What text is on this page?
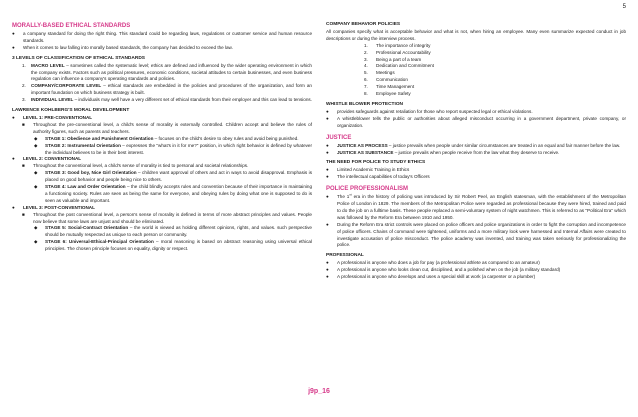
5
MORALLY-BASED ETHICAL STANDARDS
●	a company standard for doing the right thing. This standard could be regarding laws, regulations or customer service and human resource standards.
●	When it comes to law falling into morally based standards, the company has decided to exceed the law.
3 LEVELS OF CLASSIFICATION OF ETHICAL STANDARDS
1.	MACRO LEVEL – sometimes called the systematic level; ethics are defined and influenced by the wider operating environment in which the company exists. Factors such as political pressures, economic conditions, societal attitudes to certain businesses, and even business regulation can influence a company's operating standards and policies.
2.	COMPANY/CORPORATE LEVEL – ethical standards are embedded in the policies and procedures of the organization, and form an important foundation on which business strategy is built.
3.	INDIVIDUAL LEVEL – individuals may well have a very different set of ethical standards from their employer and this can lead to tensions.
LAWRENCE KOHLBERG'S MORAL DEVELOPMENT
●	LEVEL 1: PRE-CONVENTIONAL
■	Throughout the pre-conventional level, a child's sense of morality is externally controlled. Children accept and believe the rules of authority figures, such as parents and teachers.
◆	STAGE 1: Obedience and Punishment Orientation – focuses on the child's desire to obey rules and avoid being punished.
◆	STAGE 2: Instrumental Orientation – expresses the "what's in it for me?" position, in which right behavior is defined by whatever the individual believes to be in their best interest.
●	LEVEL 2: CONVENTIONAL
■	Throughout the conventional level, a child's sense of morality is tied to personal and societal relationships.
◆	STAGE 3: Good boy, Nice Girl Orientation – children want approval of others and act in ways to avoid disapproval. Emphasis is placed on good behavior and people being nice to others.
◆	STAGE 4: Law and Order Orientation – the child blindly accepts rules and convention because of their importance in maintaining a functioning society. Rules are seen as being the same for everyone, and obeying rules by doing what one is supposed to do is seen as valuable and important.
●	LEVEL 3: POST-CONVENTIONAL
■	Throughout the post conventional level, a person's sense of morality is defined in terms of more abstract principles and values. People now believe that some laws are unjust and should be eliminated.
◆	STAGE 5: Social-Contract Orientation – the world is viewed as holding different opinions, rights, and values. such perspective should be mutually respected as unique to each person or community.
◆	STAGE 6: Universal-Ethical-Principal Orientation – moral reasoning is based on abstract reasoning using universal ethical principles. The chosen principle focuses on equality, dignity or respect.
COMPANY BEHAVIOR POLICIES

All companies specify what is acceptable behavior and what is not, when hiring an employee. Many even summarize expected conduct in job descriptions or during the interview process.

1.	The importance of integrity
2.	Professional Accountability
3.	Being a part of a team
4.	Dedication and Commitment
5.	Meetings
6.	Communication
7.	Time Management
8.	Employee Safety
WHISTLE BLOWER PROTECTION
●	provides safeguards against retaliation for those who report suspected legal or ethical violations.
●	A whistleblower tells the public or authorities about alleged misconduct occurring in a government department, private company, or organization.
JUSTICE
●	JUSTICE AS PROCESS – justice prevails when people under similar circumstances are treated in an equal and fair manner before the law.
●	JUSTICE AS SUBSTANCE – justice prevails when people receive from the law what they deserve to receive.
THE NEED FOR POLICE TO STUDY ETHICS
●	Limited Academic Training in Ethics
●	The intellectual capabilities of today's Officers
POLICE PROFESSIONALISM
●	The 1st era in the history of policing was introduced by Sir Robert Peel, an English statesman, with the establishment of the Metropolitan Police of London in 1829. The members of the Metropolitan Police were regarded as professional because they were hired, trained and paid to do the job on a fulltime basis. These people replaced a semi-voluntary system of night watchmen. This is referred to as "Political Era" which was followed by the Reform Era between 1910 and 1950.
●	During the Reform Era strict controls were placed on police officers and police organizations in order to fight the corruption and incompetence of police officers. Chains of command were tightened, uniforms and a more military look were harnessed and Internal Affairs were created to investigate accusation of police misconduct. The police academy was invented, and training was taken seriously for professionalizing the police.
PROFESSIONAL
●	A professional is anyone who does a job for pay (a professional athlete as compared to an amateur)
●	A professional is anyone who looks clean cut, disciplined, and a polished when on the job (a military standard)
●	A professional is anyone who develops and uses a special skill at work (a carpenter or a plumber)
j9p_16
